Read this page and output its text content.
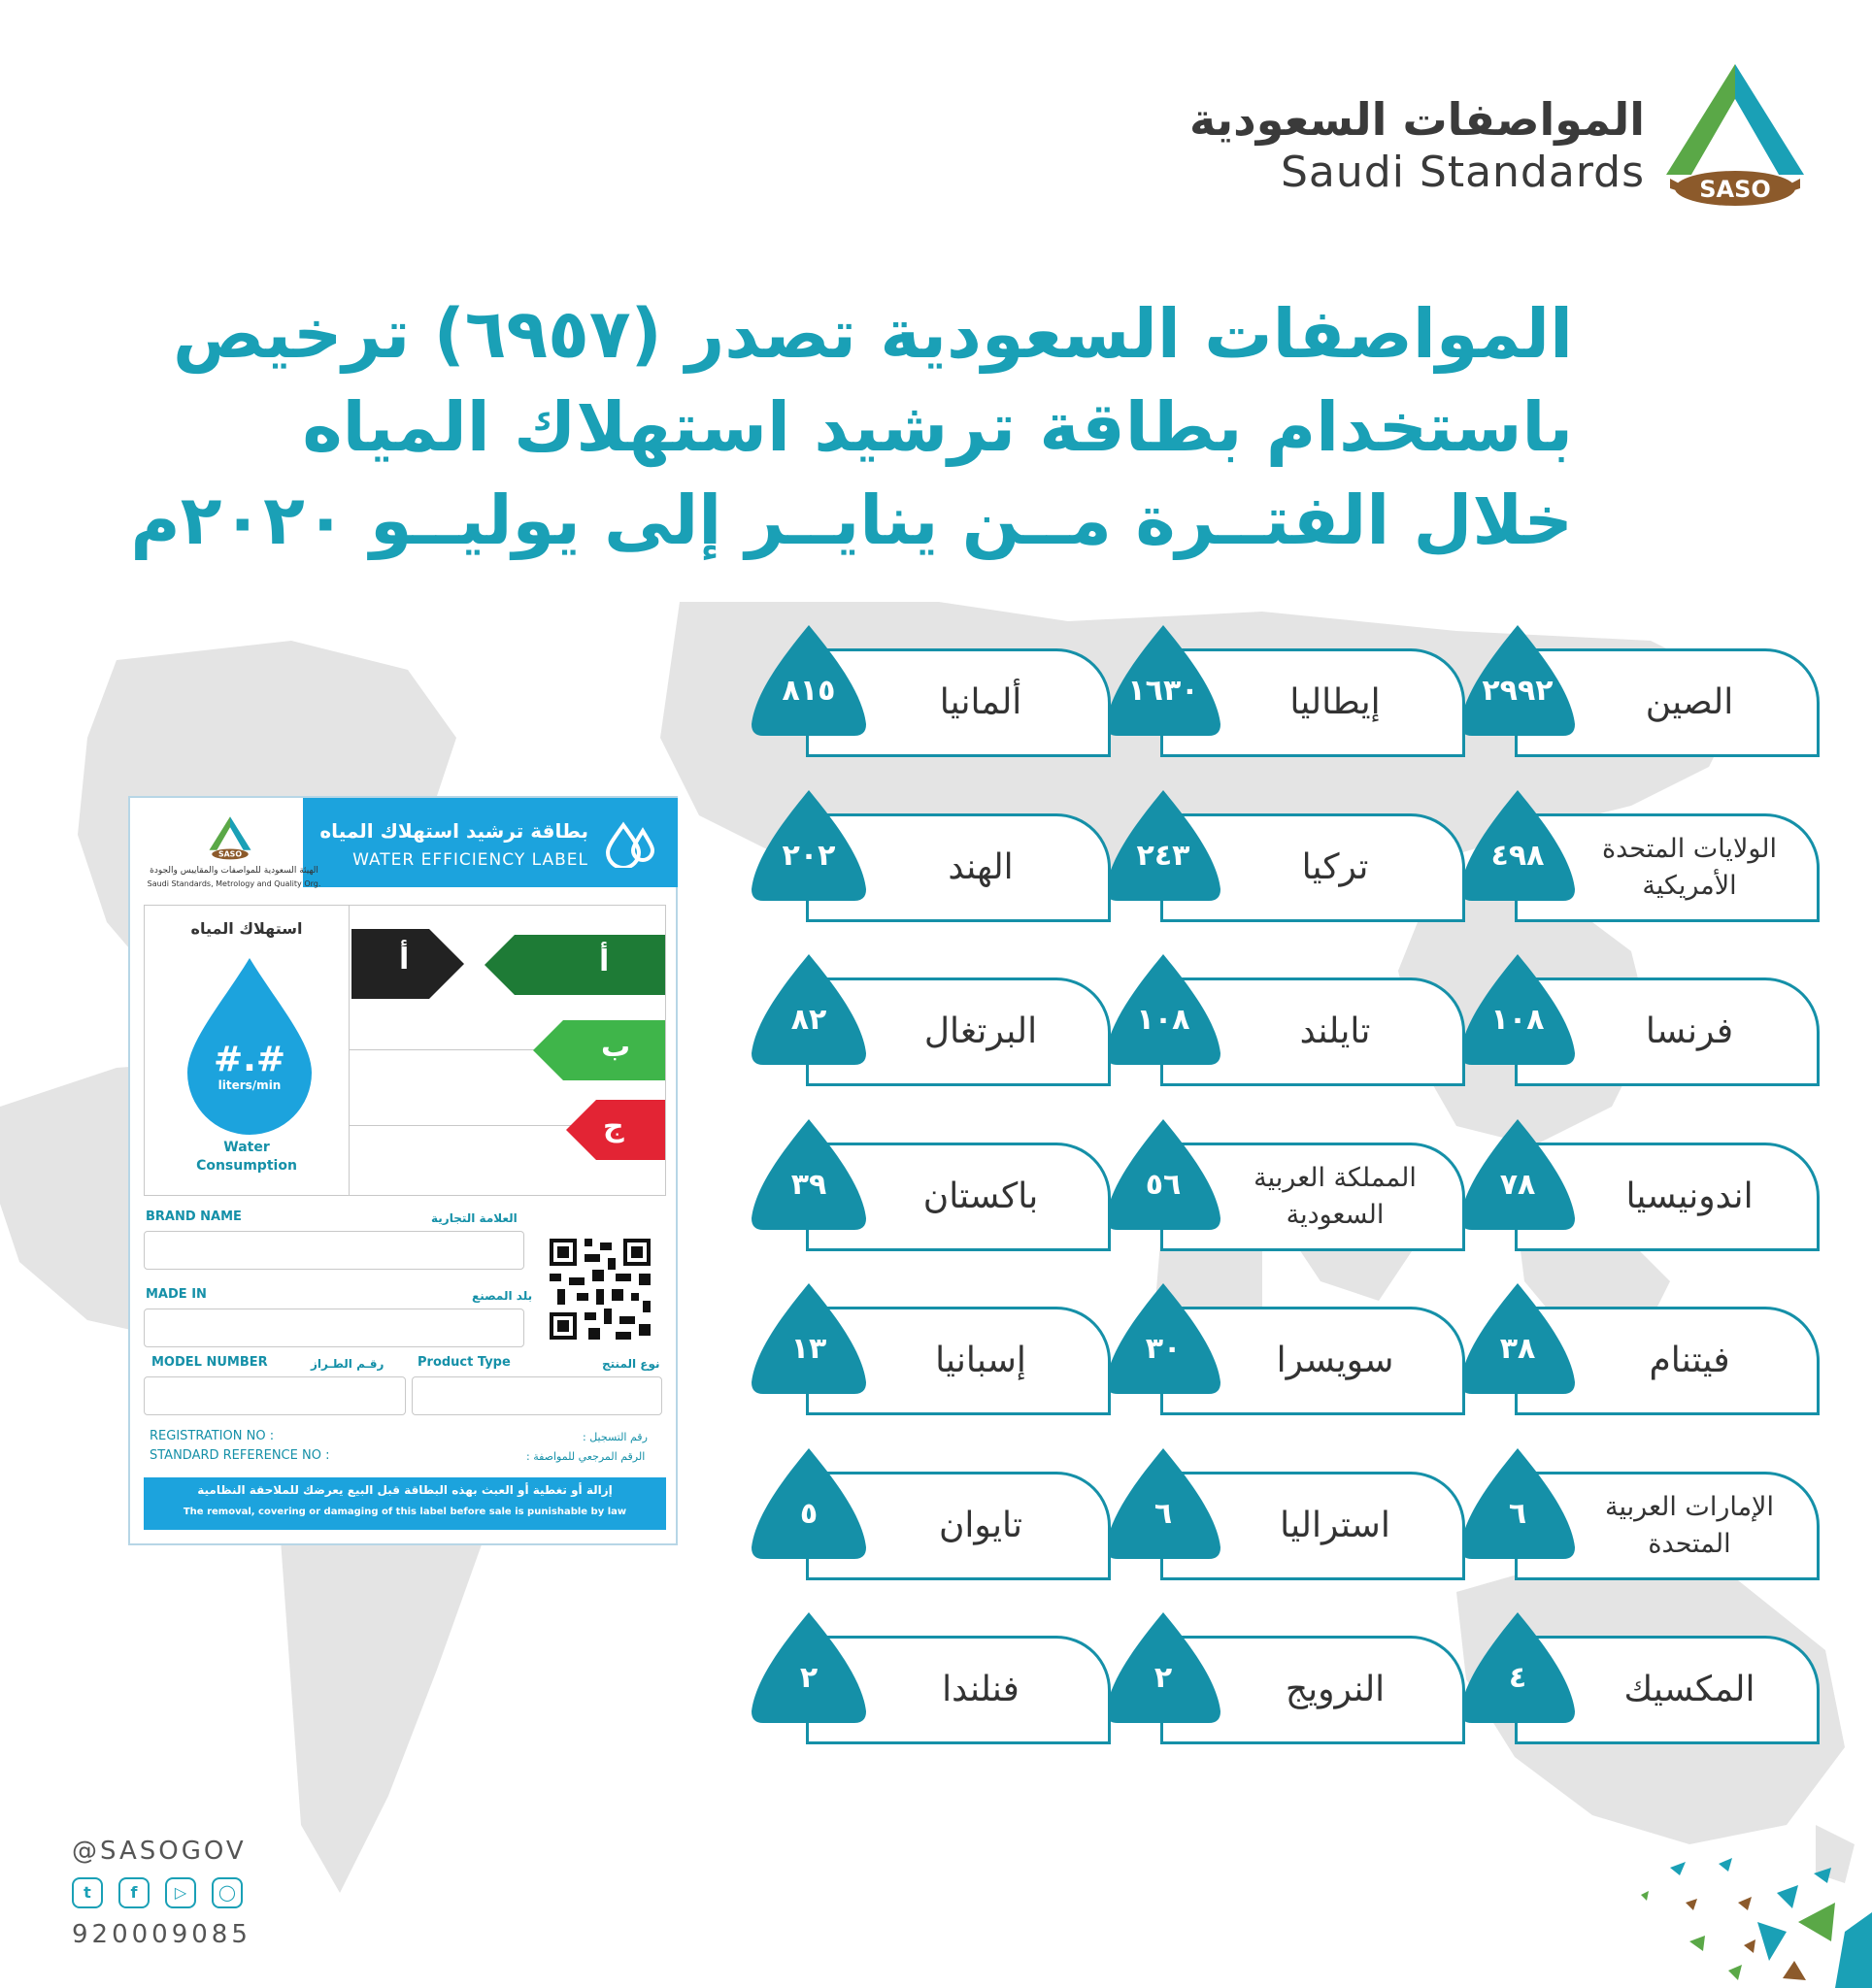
المواصفات السعودية
Saudi Standards SASO
المواصفات السعودية تصدر (٦٩٥٧) ترخيص
باستخدام بطاقة ترشيد استهلاك المياه
خلال الفتــرة مــن ينايــر إلى يوليــو ٢٠٢٠م
الصين
٢٩٩٢
إيطاليا
١٦٣٠
ألمانيا
٨١٥
الولايات المتحدة الأمريكية
٤٩٨
تركيا
٢٤٣
الهند
٢٠٢
فرنسا
١٠٨
تايلند
١٠٨
البرتغال
٨٢
اندونيسيا
٧٨
المملكة العربية السعودية
٥٦
باكستان
٣٩
فيتنام
٣٨
سويسرا
٣٠
إسبانيا
١٣
الإمارات العربية المتحدة
٦
استراليا
٦
تايوان
٥
المكسيك
٤
النرويج
٢
فنلندا
٢
بطاقة ترشيد استهلاك المياه
WATER EFFICIENCY LABEL
SASO
الهيئة السعودية للمواصفات والمقاييس والجودة
Saudi Standards, Metrology and Quality Org.
استهلاك المياه
#.#
liters/min
Water
Consumption
أ	أ
ب
ج
BRAND NAME	العلامة التجارية
MADE IN	بلد المصنع
MODEL NUMBER	رقـم الطـراز	Product Type	نوع المنتج
REGISTRATION NO :	رقم التسجيل :
STANDARD REFERENCE NO :	الرقم المرجعي للمواصفة :
إزالة أو تغطية أو العبث بهذه البطاقة قبل البيع يعرضك للملاحقة النظامية
The removal, covering or damaging of this label before sale is punishable by law
@SASOGOV
t	f	▷	◯
920009085
